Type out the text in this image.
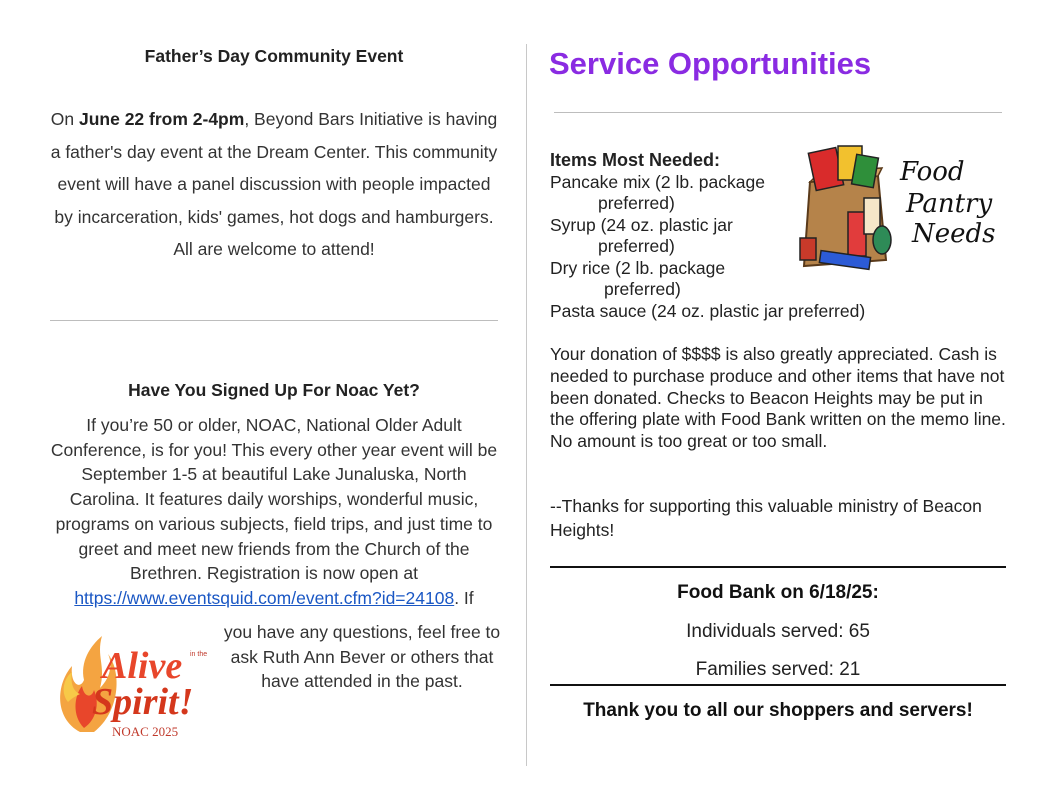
Father’s Day Community Event

On June 22 from 2-4pm, Beyond Bars Initiative is having a father's day event at the Dream Center. This community event will have a panel discussion with people impacted by incarceration, kids' games, hot dogs and hamburgers.
All are welcome to attend!

Have You Signed Up For Noac Yet?

If you’re 50 or older, NOAC, National Older Adult Conference, is for you! This every other year event will be September 1-5 at beautiful Lake Junaluska, North Carolina. It features daily worships, wonderful music, programs on various subjects, field trips, and just time to greet and meet new friends from the Church of the Brethren. Registration is now open at https://www.eventsquid.com/event.cfm?id=24108. If

you have any questions, feel free to ask Ruth Ann Bever or others that have attended in the past.
Alive in the
Spirit!
NOAC 2025
Service Opportunities
Items Most Needed:
Pancake mix (2 lb. package
preferred)
Syrup (24 oz. plastic jar
preferred)
Dry rice (2 lb. package
preferred)
Pasta sauce (24 oz. plastic jar preferred)
Food
Pantry
Needs

Your donation of $$$$ is also greatly appreciated. Cash is needed to purchase produce and other items that have not been donated. Checks to Beacon Heights may be put in the offering plate with Food Bank written on the memo line. No amount is too great or too small.

--Thanks for supporting this valuable ministry of Beacon Heights!

Food Bank on 6/18/25:

Individuals served: 65
Families served: 21

Thank you to all our shoppers and servers!
